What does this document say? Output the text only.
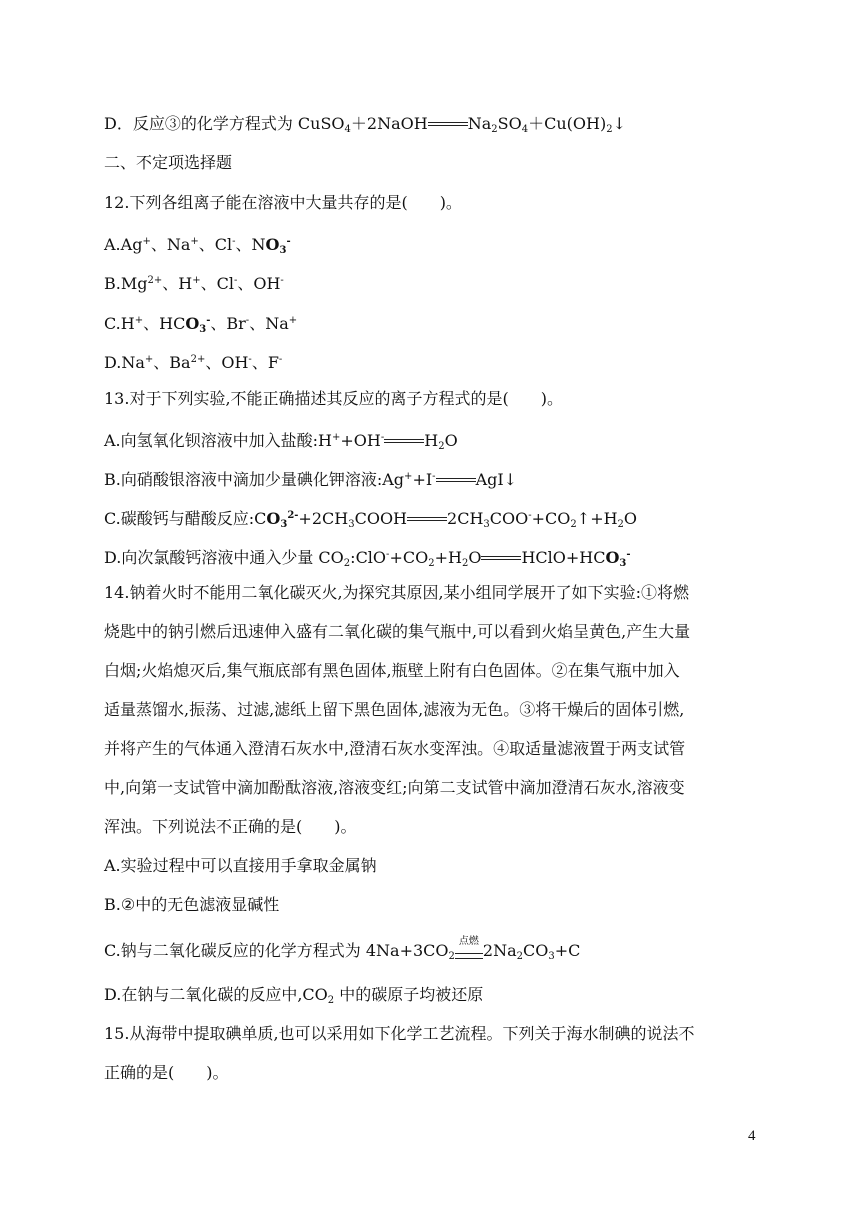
D．反应③的化学方程式为 CuSO$_4$＋2NaOH	$Na_2SO_4+Cu(OH)_2↓$
二、不定项选择题
12.下列各组离子能在溶液中大量共存的是(　　)。
A.Ag+、Na+、Cl-、$NO_3^-$
$B.Mg^{2+}$、H+、Cl-、OH-
C.H+、$HCO_3^-$、Br-、Na+
D.Na+、$Ba^{2+}$、OH-、F-
13.对于下列实验,不能正确描述其反应的离子方程式的是(　　)。
A.向氢氧化钡溶液中加入盐酸:H++OH-	$H_2O$
B.向硝酸银溶液中滴加少量碘化钾溶液:Ag++I-	AgI↓
C.碳酸钙与醋酸反应$:CO_3^{2-}+2CH_3COOH$	$2CH_3COO^-+CO_2↑+H_2O$
D.向次氯酸钙溶液中通入少量 $CO_2:ClO^-+CO_2+H_2O$	$HClO+HCO_3^-$
14.钠着火时不能用二氧化碳灭火,为探究其原因,某小组同学展开了如下实验:①将燃
烧匙中的钠引燃后迅速伸入盛有二氧化碳的集气瓶中,可以看到火焰呈黄色,产生大量
白烟;火焰熄灭后,集气瓶底部有黑色固体,瓶壁上附有白色固体。②在集气瓶中加入
适量蒸馏水,振荡、过滤,滤纸上留下黑色固体,滤液为无色。③将干燥后的固体引燃,
并将产生的气体通入澄清石灰水中,澄清石灰水变浑浊。④取适量滤液置于两支试管
中,向第一支试管中滴加酚酞溶液,溶液变红;向第二支试管中滴加澄清石灰水,溶液变
浑浊。下列说法不正确的是(　　)。
A.实验过程中可以直接用手拿取金属钠
B.②中的无色滤液显碱性
C.钠与二氧化碳反应的化学方程式为 $4Na+3CO_2$
点燃 $2Na_2CO_3+C$
D.在钠与二氧化碳的反应中$,CO_2$ 中的碳原子均被还原
15.从海带中提取碘单质,也可以采用如下化学工艺流程。下列关于海水制碘的说法不
正确的是(　　)。
4
